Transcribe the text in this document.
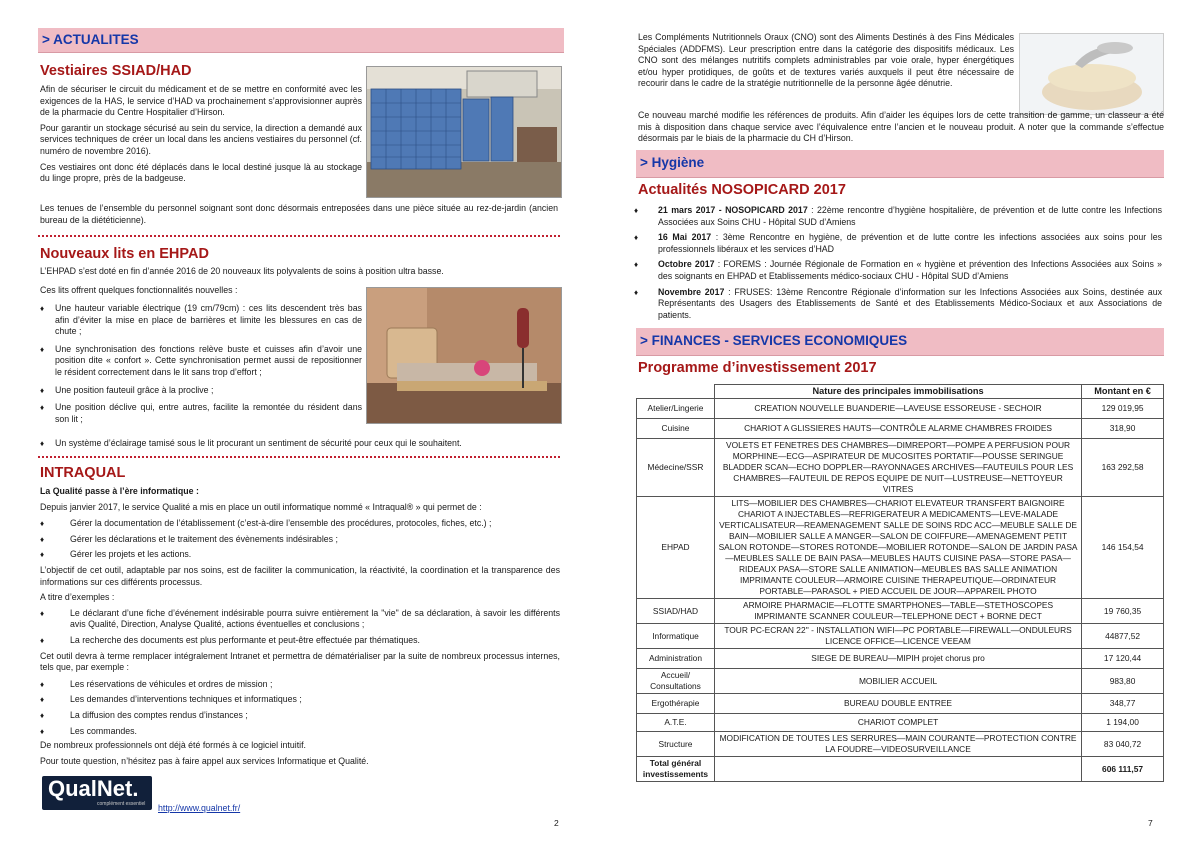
> ACTUALITES
Vestiaires SSIAD/HAD

Afin de sécuriser le circuit du médicament et de se mettre en conformité avec les exigences de la HAS, le service d’HAD va prochainement s’approvisionner auprès de la pharmacie du Centre Hospitalier d’Hirson.

Pour garantir un stockage sécurisé au sein du service, la direction a demandé aux services techniques de créer un local dans les anciens vestiaires du personnel (cf. numéro de novembre 2016).

Ces vestiaires ont donc été déplacés dans le local destiné jusque là au stockage du linge propre, près de la badgeuse.

Les tenues de l’ensemble du personnel soignant sont donc désormais entreposées dans une pièce située au rez-de-jardin (ancien bureau de la diététicienne).

Nouveaux lits en EHPAD

L’EHPAD s’est doté en fin d’année 2016 de 20 nouveaux lits polyvalents de soins à position ultra basse.

Ces lits offrent quelques fonctionnalités nouvelles :

♦ Une hauteur variable électrique (19 cm/79cm) : ces lits descendent très bas afin d’éviter la mise en place de barrières et limite les blessures en cas de chute ;
♦ Une synchronisation des fonctions relève buste et cuisses afin d’avoir une position dite « confort ». Cette synchronisation permet aussi de repositionner le résident correctement dans le lit sans trop d’effort ;
♦ Une position fauteuil grâce à la proclive ;
♦ Une position déclive qui, entre autres, facilite la remontée du résident dans son lit ;
♦ Un système d’éclairage tamisé sous le lit procurant un sentiment de sécurité pour ceux qui le souhaitent.
INTRAQUAL

La Qualité passe à l’ère informatique :

Depuis janvier 2017, le service Qualité a mis en place un outil informatique nommé « Intraqual® » qui permet de :

♦ Gérer la documentation de l’établissement (c’est-à-dire l’ensemble des procédures, protocoles, fiches, etc.) ;
♦ Gérer les déclarations et le traitement des évènements indésirables ;
♦ Gérer les projets et les actions.

L’objectif de cet outil, adaptable par nos soins, est de faciliter la communication, la réactivité, la coordination et la transparence des informations sur ces différents processus.

A titre d’exemples :

♦ Le déclarant d’une fiche d’événement indésirable pourra suivre entièrement la "vie" de sa déclaration, à savoir les différents avis Qualité, Direction, Analyse Qualité, actions éventuelles et conclusions ;
♦ La recherche des documents est plus performante et peut-être effectuée par thématiques.

Cet outil devra à terme remplacer intégralement Intranet et permettra de dématérialiser par la suite de nombreux processus internes, tels que, par exemple :

♦ Les réservations de véhicules et ordres de mission ;
♦ Les demandes d’interventions techniques et informatiques ;
♦ La diffusion des comptes rendus d’instances ;
♦ Les commandes.

De nombreux professionnels ont déjà été formés à ce logiciel intuitif.

Pour toute question, n’hésitez pas à faire appel aux services Informatique et Qualité.

QualNet.
complément essentiel http://www.qualnet.fr/
2

Les Compléments Nutritionnels Oraux (CNO) sont des Aliments Destinés à des Fins Médicales Spéciales (ADDFMS). Leur prescription entre dans la catégorie des dispositifs médicaux. Les CNO sont des mélanges nutritifs complets administrables par voie orale, hyper énergétiques et/ou hyper protidiques, de goûts et de textures variés auxquels il peut être nécessaire de recourir dans le cadre de la stratégie nutritionnelle de la personne âgée dénutrie.

Ce nouveau marché modifie les références de produits. Afin d’aider les équipes lors de cette transition de gamme, un classeur a été mis à disposition dans chaque service avec l’équivalence entre l’ancien et le nouveau produit. A noter que la commande s’effectue désormais par le biais de la pharmacie du CH d’Hirson.

> Hygiène
Actualités NOSOPICARD 2017
♦ 21 mars 2017 - NOSOPICARD 2017 : 22ème rencontre d’hygiène hospitalière, de prévention et de lutte contre les Infections Associées aux Soins CHU - Hôpital SUD d’Amiens
♦ 16 Mai 2017 : 3ème Rencontre en hygiène, de prévention et de lutte contre les infections associées aux soins pour les professionnels libéraux et les services d’HAD
♦ Octobre 2017 : FOREMS : Journée Régionale de Formation en « hygiène et prévention des Infections Associées aux Soins » des soignants en EHPAD et Etablissements médico-sociaux CHU - Hôpital SUD d’Amiens
♦ Novembre 2017 : FRUSES: 13ème Rencontre Régionale d’information sur les Infections Associées aux Soins, destinée aux Représentants des Usagers des Etablissements de Santé et des Etablissements Médico-Sociaux et aux Associations de patients.
> FINANCES - SERVICES ECONOMIQUES
Programme d’investissement 2017
	Nature des principales immobilisations	Montant en €
Atelier/Lingerie	CREATION NOUVELLE BUANDERIE—LAVEUSE ESSOREUSE - SECHOIR	129 019,95
Cuisine	CHARIOT A GLISSIERES HAUTS—CONTRÔLE ALARME CHAMBRES FROIDES	318,90
Médecine/SSR	VOLETS ET FENETRES DES CHAMBRES—DIMREPORT—POMPE A PERFUSION POUR MORPHINE—ECG—ASPIRATEUR DE MUCOSITES PORTATIF—POUSSE SERINGUE BLADDER SCAN—ECHO DOPPLER—RAYONNAGES ARCHIVES—FAUTEUILS POUR LES CHAMBRES—FAUTEUIL DE REPOS EQUIPE DE NUIT—LUSTREUSE—NETTOYEUR VITRES	163 292,58
EHPAD	LITS—MOBILIER DES CHAMBRES—CHARIOT ELEVATEUR TRANSFERT BAIGNOIRE CHARIOT A INJECTABLES—REFRIGERATEUR A MEDICAMENTS—LEVE-MALADE VERTICALISATEUR—REAMENAGEMENT SALLE DE SOINS RDC ACC—MEUBLE SALLE DE BAIN—MOBILIER SALLE A MANGER—SALON DE COIFFURE—AMENAGEMENT PETIT SALON ROTONDE—STORES ROTONDE—MOBILIER ROTONDE—SALON DE JARDIN PASA—MEUBLES SALLE DE BAIN PASA—MEUBLES HAUTS CUISINE PASA—STORE PASA—RIDEAUX PASA—STORE SALLE ANIMATION—MEUBLES BAS SALLE ANIMATION IMPRIMANTE COULEUR—ARMOIRE CUISINE THERAPEUTIQUE—ORDINATEUR PORTABLE—PARASOL + PIED ACCUEIL DE JOUR—APPAREIL PHOTO	146 154,54
SSIAD/HAD	ARMOIRE PHARMACIE—FLOTTE SMARTPHONES—TABLE—STETHOSCOPES IMPRIMANTE SCANNER COULEUR—TELEPHONE DECT + BORNE DECT	19 760,35
Informatique	TOUR PC-ECRAN 22'' - INSTALLATION WIFI—PC PORTABLE—FIREWALL—ONDULEURS LICENCE OFFICE—LICENCE VEEAM	44877,52
Administration	SIEGE DE BUREAU—MIPIH projet chorus pro	17 120,44
Accueil/ Consultations	MOBILIER ACCUEIL	983,80
Ergothérapie	BUREAU DOUBLE ENTREE	348,77
A.T.E.	CHARIOT COMPLET	1 194,00
Structure	MODIFICATION DE TOUTES LES SERRURES—MAIN COURANTE—PROTECTION CONTRE LA FOUDRE—VIDEOSURVEILLANCE	83 040,72
Total général investissements		606 111,57
7
